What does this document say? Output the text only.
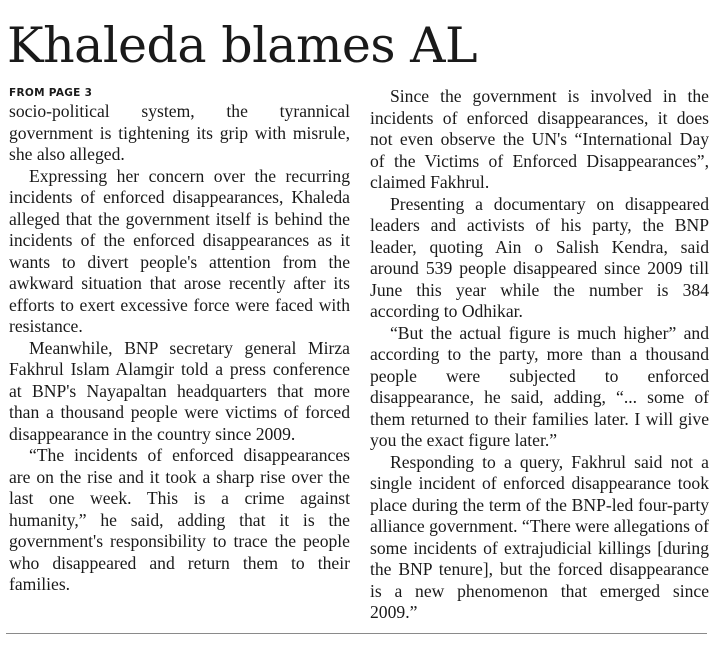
Khaleda blames AL
FROM PAGE 3

socio-political system, the tyrannical government is tightening its grip with misrule, she also alleged.

Expressing her concern over the recurring incidents of enforced disappearances, Khaleda alleged that the government itself is behind the incidents of the enforced disappearances as it wants to divert people's attention from the awkward situation that arose recently after its efforts to exert excessive force were faced with resistance.

Meanwhile, BNP secretary general Mirza Fakhrul Islam Alamgir told a press conference at BNP's Nayapaltan headquarters that more than a thousand people were victims of forced disappearance in the country since 2009.

“The incidents of enforced disappearances are on the rise and it took a sharp rise over the last one week. This is a crime against humanity,” he said, adding that it is the government's responsibility to trace the people who disappeared and return them to their families.

Since the government is involved in the incidents of enforced disappearances, it does not even observe the UN's “International Day of the Victims of Enforced Disappearances”, claimed Fakhrul.

Presenting a documentary on disappeared leaders and activists of his party, the BNP leader, quoting Ain o Salish Kendra, said around 539 people disappeared since 2009 till June this year while the number is 384 according to Odhikar.

“But the actual figure is much higher” and according to the party, more than a thousand people were subjected to enforced disappearance, he said, adding, “... some of them returned to their families later. I will give you the exact figure later.”

Responding to a query, Fakhrul said not a single incident of enforced disappearance took place during the term of the BNP-led four-party alliance government. “There were allegations of some incidents of extrajudicial killings [during the BNP tenure], but the forced disappearance is a new phenomenon that emerged since 2009.”
